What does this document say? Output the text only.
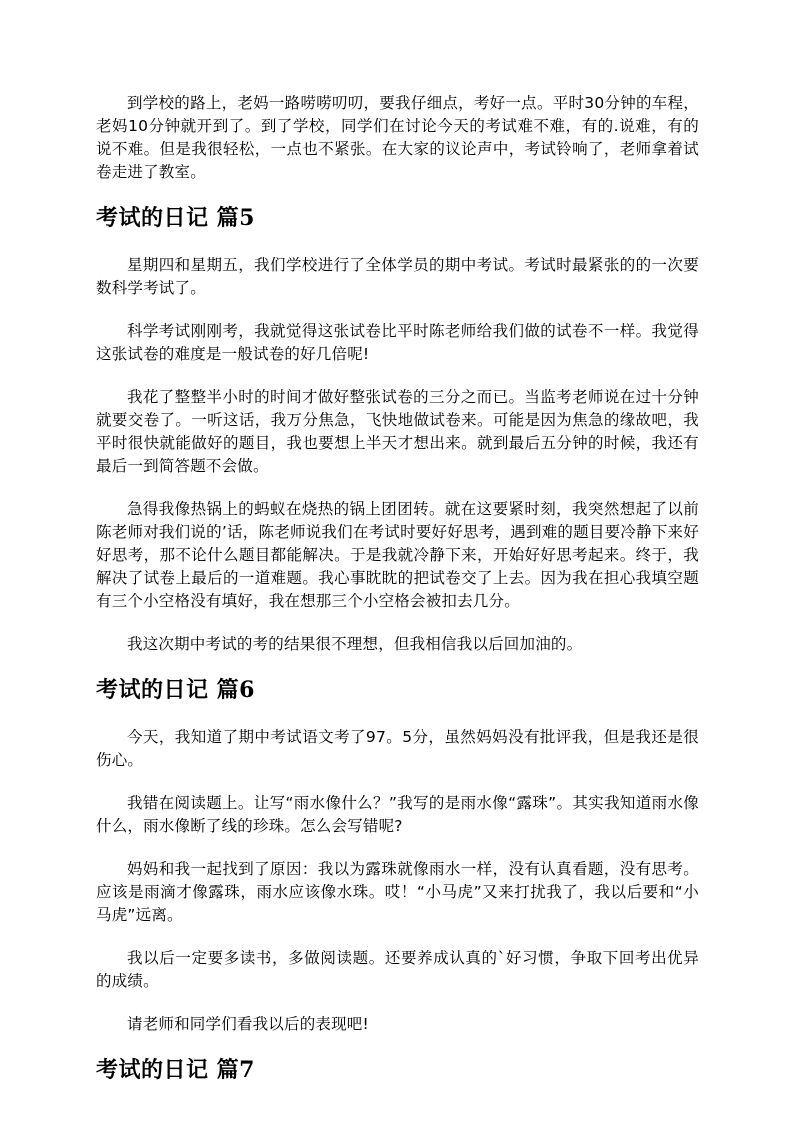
到学校的路上，老妈一路唠唠叨叨，要我仔细点，考好一点。平时30分钟的车程，老妈10分钟就开到了。到了学校，同学们在讨论今天的考试难不难，有的.说难，有的说不难。但是我很轻松，一点也不紧张。在大家的议论声中，考试铃响了，老师拿着试卷走进了教室。

考试的日记 篇5

星期四和星期五，我们学校进行了全体学员的期中考试。考试时最紧张的的一次要数科学考试了。

科学考试刚刚考，我就觉得这张试卷比平时陈老师给我们做的试卷不一样。我觉得这张试卷的难度是一般试卷的好几倍呢!

我花了整整半小时的时间才做好整张试卷的三分之而已。当监考老师说在过十分钟就要交卷了。一听这话，我万分焦急，飞快地做试卷来。可能是因为焦急的缘故吧，我平时很快就能做好的题目，我也要想上半天才想出来。就到最后五分钟的时候，我还有最后一到简答题不会做。

急得我像热锅上的蚂蚁在烧热的锅上团团转。就在这要紧时刻，我突然想起了以前陈老师对我们说的’话，陈老师说我们在考试时要好好思考，遇到难的题目要冷静下来好好思考，那不论什么题目都能解决。于是我就冷静下来，开始好好思考起来。终于，我解决了试卷上最后的一道难题。我心事眈眈的把试卷交了上去。因为我在担心我填空题有三个小空格没有填好，我在想那三个小空格会被扣去几分。

我这次期中考试的考的结果很不理想，但我相信我以后回加油的。

考试的日记 篇6

今天，我知道了期中考试语文考了97。5分，虽然妈妈没有批评我，但是我还是很伤心。

我错在阅读题上。让写“雨水像什么？”我写的是雨水像“露珠”。其实我知道雨水像什么，雨水像断了线的珍珠。怎么会写错呢?

妈妈和我一起找到了原因：我以为露珠就像雨水一样，没有认真看题，没有思考。应该是雨滴才像露珠，雨水应该像水珠。哎！“小马虎”又来打扰我了，我以后要和“小马虎”远离。

我以后一定要多读书，多做阅读题。还要养成认真的`好习惯，争取下回考出优异的成绩。

请老师和同学们看我以后的表现吧!

考试的日记 篇7
